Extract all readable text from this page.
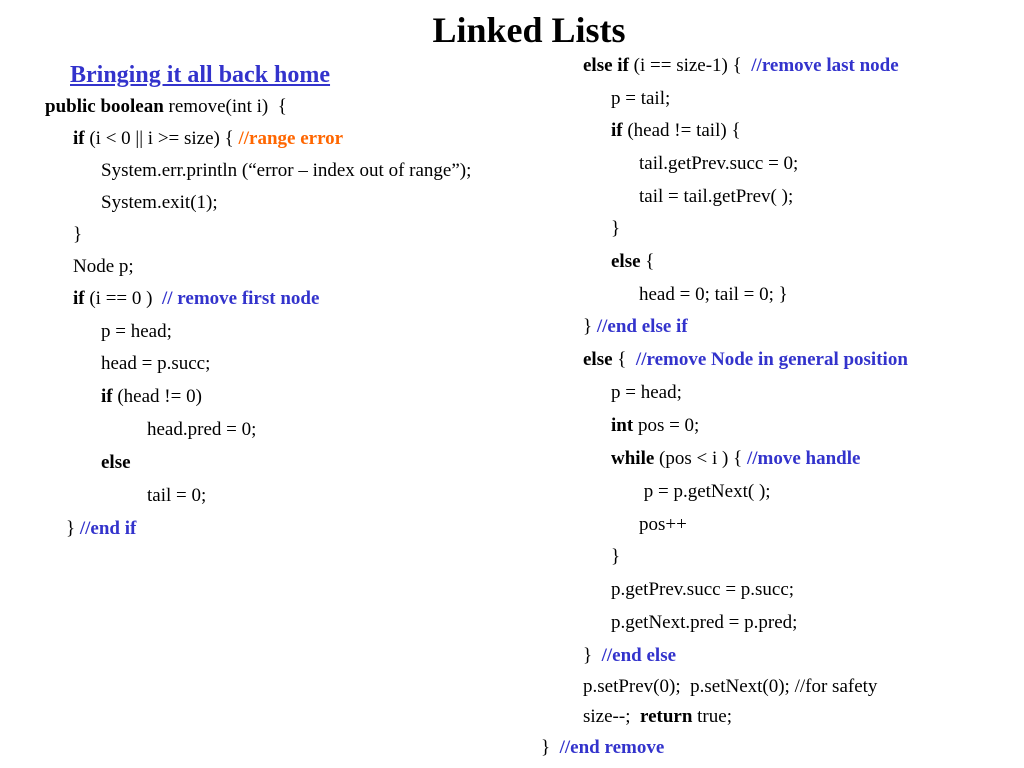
Linked Lists
Bringing it all back home
public boolean remove(int i)  {
if (i < 0 || i >= size) { //range error
System.err.println (“error – index out of range”);
System.exit(1);
}
Node p;
if (i == 0 )  // remove first node
p = head;
head = p.succ;
if (head != 0)
head.pred = 0;
else
tail = 0;
} //end if
else if (i == size-1) {  //remove last node
p = tail;
if (head != tail) {
tail.getPrev.succ = 0;
tail = tail.getPrev( );
}
else {
head = 0; tail = 0; }
} //end else if
else {  //remove Node in general position
p = head;
int pos = 0;
while (pos < i ) { //move handle
p = p.getNext( );
pos++
}
p.getPrev.succ = p.succ;
p.getNext.pred = p.pred;
}  //end else
p.setPrev(0);  p.setNext(0); //for safety
size--;  return true;
}  //end remove
